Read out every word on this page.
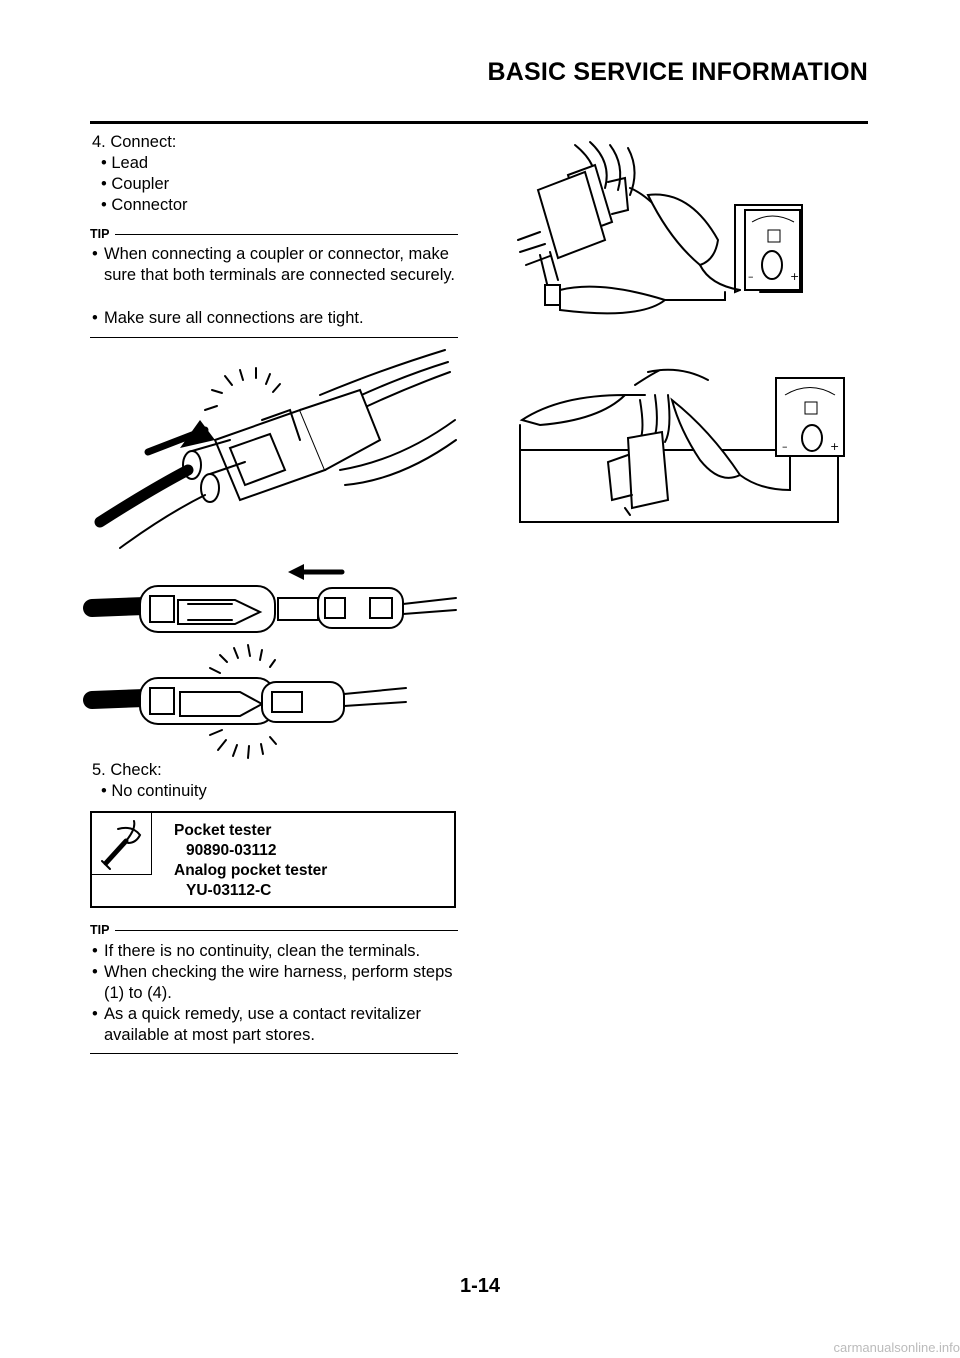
BASIC SERVICE INFORMATION
4. Connect:
• Lead
• Coupler
• Connector
TIP
• When connecting a coupler or connector, make sure that both terminals are connected securely.
• Make sure all connections are tight.
–	+
–	+
5. Check:
• No continuity
Pocket tester
90890-03112
Analog pocket tester
YU-03112-C
TIP
• If there is no continuity, clean the terminals.
• When checking the wire harness, perform steps (1) to (4).
• As a quick remedy, use a contact revitalizer available at most part stores.
1-14
carmanualsonline.info
